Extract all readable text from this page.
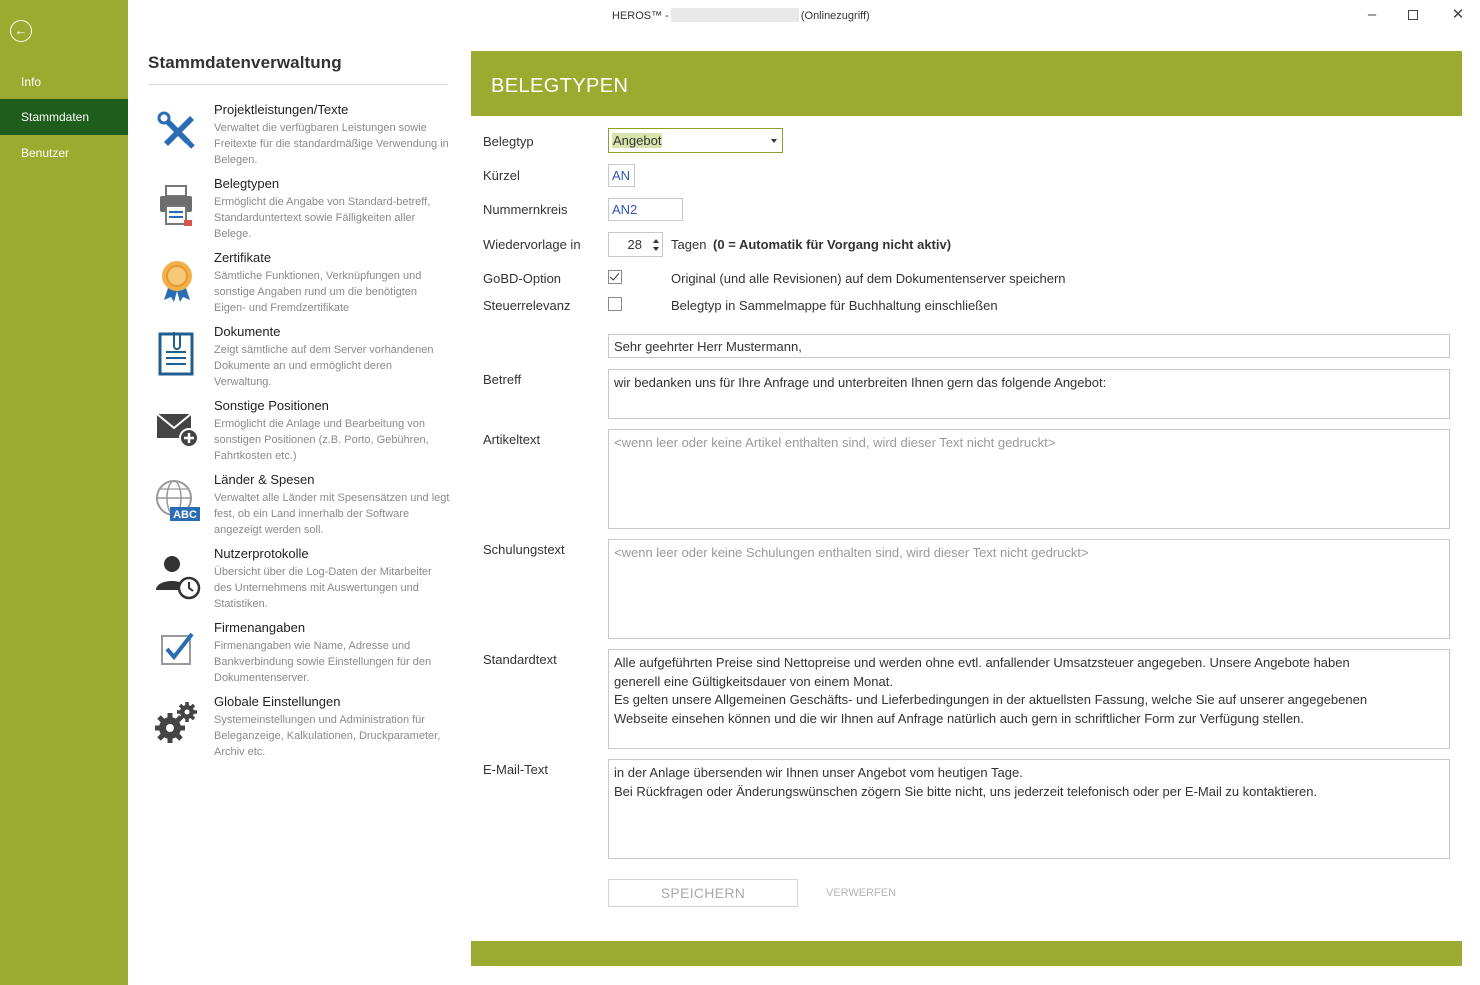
←
Info
Stammdaten
Benutzer
HEROS™ -	(Onlinezugriff)	–	✕
Stammdatenverwaltung
Projektleistungen/Texte
Verwaltet die verfügbaren Leistungen sowie Freitexte für die standardmäßige Verwendung in Belegen.
Belegtypen
Ermöglicht die Angabe von Standard-betreff, Standarduntertext sowie Fälligkeiten aller Belege.
Zertifikate
Sämtliche Funktionen, Verknüpfungen und sonstige Angaben rund um die benötigten Eigen- und Fremdzertifikate
Dokumente
Zeigt sämtliche auf dem Server vorhandenen Dokumente an und ermöglicht deren Verwaltung.
Sonstige Positionen
Ermöglicht die Anlage und Bearbeitung von sonstigen Positionen (z.B. Porto, Gebühren, Fahrtkosten etc.)
ABC
Länder & Spesen
Verwaltet alle Länder mit Spesensätzen und legt fest, ob ein Land innerhalb der Software angezeigt werden soll.
Nutzerprotokolle
Übersicht über die Log-Daten der Mitarbeiter des Unternehmens mit Auswertungen und Statistiken.
Firmenangaben
Firmenangaben wie Name, Adresse und Bankverbindung sowie Einstellungen für den Dokumentenserver.
Globale Einstellungen
Systemeinstellungen und Administration für Beleganzeige, Kalkulationen, Druckparameter, Archiv etc.
BELEGTYPEN
Belegtyp	Angebot
Kürzel	AN
Nummernkreis	AN2
Wiedervorlage in	28 Tagen (0 = Automatik für Vorgang nicht aktiv)
GoBD-Option	Original (und alle Revisionen) auf dem Dokumentenserver speichern
Steuerrelevanz	Belegtyp in Sammelmappe für Buchhaltung einschließen
Sehr geehrter Herr Mustermann,
Betreff	wir bedanken uns für Ihre Anfrage und unterbreiten Ihnen gern das folgende Angebot:
Artikeltext	<wenn leer oder keine Artikel enthalten sind, wird dieser Text nicht gedruckt>
Schulungstext	<wenn leer oder keine Schulungen enthalten sind, wird dieser Text nicht gedruckt>
Standardtext	Alle aufgeführten Preise sind Nettopreise und werden ohne evtl. anfallender Umsatzsteuer angegeben. Unsere Angebote haben
generell eine Gültigkeitsdauer von einem Monat.
Es gelten unsere Allgemeinen Geschäfts- und Lieferbedingungen in der aktuellsten Fassung, welche Sie auf unserer angegebenen
Webseite einsehen können und die wir Ihnen auf Anfrage natürlich auch gern in schriftlicher Form zur Verfügung stellen.
E-Mail-Text	in der Anlage übersenden wir Ihnen unser Angebot vom heutigen Tage.
Bei Rückfragen oder Änderungswünschen zögern Sie bitte nicht, uns jederzeit telefonisch oder per E-Mail zu kontaktieren.
SPEICHERN	VERWERFEN
